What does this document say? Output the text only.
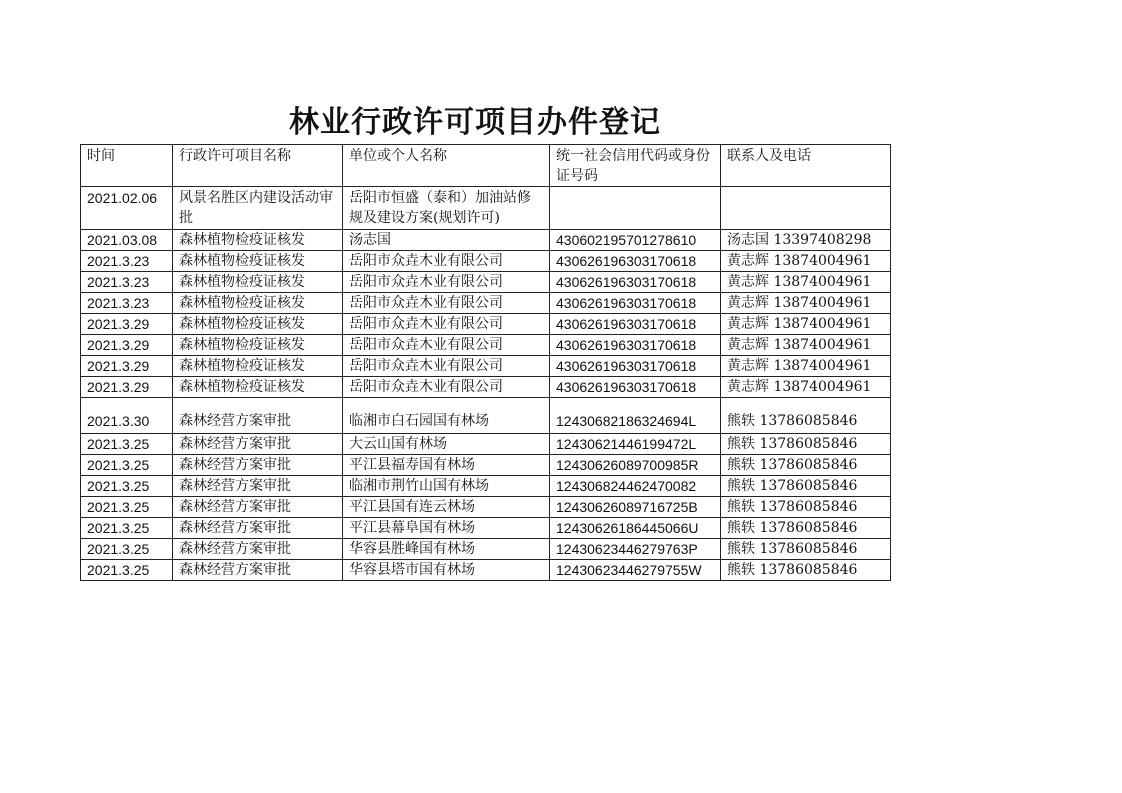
林业行政许可项目办件登记
时间	行政许可项目名称	单位或个人名称	统一社会信用代码或身份证号码	联系人及电话
2021.02.06	风景名胜区内建设活动审批	岳阳市恒盛（泰和）加油站修规及建设方案(规划许可)		
2021.03.08	森林植物检疫证核发	汤志国	430602195701278610	汤志国 13397408298
2021.3.23	森林植物检疫证核发	岳阳市众垚木业有限公司	430626196303170618	黄志辉 13874004961
2021.3.23	森林植物检疫证核发	岳阳市众垚木业有限公司	430626196303170618	黄志辉 13874004961
2021.3.23	森林植物检疫证核发	岳阳市众垚木业有限公司	430626196303170618	黄志辉 13874004961
2021.3.29	森林植物检疫证核发	岳阳市众垚木业有限公司	430626196303170618	黄志辉 13874004961
2021.3.29	森林植物检疫证核发	岳阳市众垚木业有限公司	430626196303170618	黄志辉 13874004961
2021.3.29	森林植物检疫证核发	岳阳市众垚木业有限公司	430626196303170618	黄志辉 13874004961
2021.3.29	森林植物检疫证核发	岳阳市众垚木业有限公司	430626196303170618	黄志辉 13874004961
2021.3.30	森林经营方案审批	临湘市白石园国有林场	12430682186324694L	熊轶 13786085846
2021.3.25	森林经营方案审批	大云山国有林场	12430621446199472L	熊轶 13786085846
2021.3.25	森林经营方案审批	平江县福寿国有林场	12430626089700985R	熊轶 13786085846
2021.3.25	森林经营方案审批	临湘市荆竹山国有林场	124306824462470082	熊轶 13786085846
2021.3.25	森林经营方案审批	平江县国有连云林场	12430626089716725B	熊轶 13786085846
2021.3.25	森林经营方案审批	平江县幕阜国有林场	12430626186445066U	熊轶 13786085846
2021.3.25	森林经营方案审批	华容县胜峰国有林场	12430623446279763P	熊轶 13786085846
2021.3.25	森林经营方案审批	华容县塔市国有林场	12430623446279755W	熊轶 13786085846
